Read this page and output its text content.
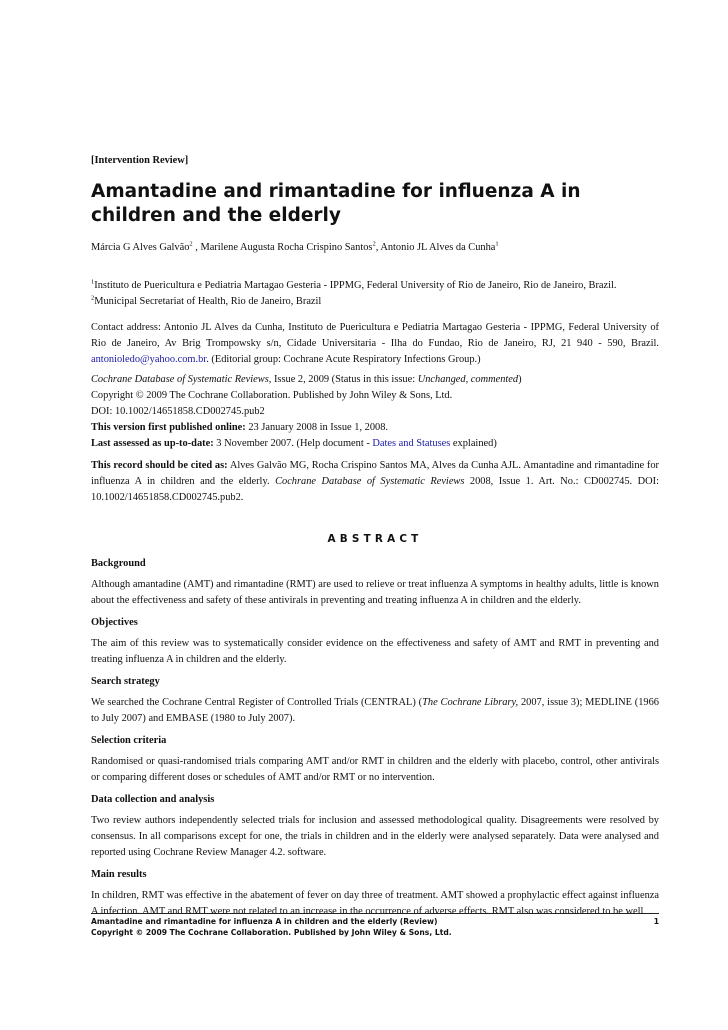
[Intervention Review]
Amantadine and rimantadine for influenza A in children and the elderly

Márcia G Alves Galvão$^2$ , Marilene Augusta Rocha Crispino Santos$^2$, Antonio JL Alves da Cunha$^1$

$^1$Instituto de Puericultura e Pediatria Martagao Gesteria - IPPMG, Federal University of Rio de Janeiro, Rio de Janeiro, Brazil.

$^2$Municipal Secretariat of Health, Rio de Janeiro, Brazil

Contact address: Antonio JL Alves da Cunha, Instituto de Puericultura e Pediatria Martagao Gesteria - IPPMG, Federal University of Rio de Janeiro, Av Brig Trompowsky s/n, Cidade Universitaria - Ilha do Fundao, Rio de Janeiro, RJ, 21 940 - 590, Brazil. antonioledo@yahoo.com.br. (Editorial group: Cochrane Acute Respiratory Infections Group.)

Cochrane Database of Systematic Reviews, Issue 2, 2009 (Status in this issue: Unchanged, commented)

Copyright © 2009 The Cochrane Collaboration. Published by John Wiley & Sons, Ltd.

DOI: 10.1002/14651858.CD002745.pub2

This version first published online: 23 January 2008 in Issue 1, 2008.

Last assessed as up-to-date: 3 November 2007. (Help document - Dates and Statuses explained)

This record should be cited as: Alves Galvão MG, Rocha Crispino Santos MA, Alves da Cunha AJL. Amantadine and rimantadine for influenza A in children and the elderly. Cochrane Database of Systematic Reviews 2008, Issue 1. Art. No.: CD002745. DOI: 10.1002/14651858.CD002745.pub2.

ABSTRACT

Background

Although amantadine (AMT) and rimantadine (RMT) are used to relieve or treat influenza A symptoms in healthy adults, little is known about the effectiveness and safety of these antivirals in preventing and treating influenza A in children and the elderly.

Objectives

The aim of this review was to systematically consider evidence on the effectiveness and safety of AMT and RMT in preventing and treating influenza A in children and the elderly.

Search strategy

We searched the Cochrane Central Register of Controlled Trials (CENTRAL) (The Cochrane Library, 2007, issue 3); MEDLINE (1966 to July 2007) and EMBASE (1980 to July 2007).

Selection criteria

Randomised or quasi-randomised trials comparing AMT and/or RMT in children and the elderly with placebo, control, other antivirals or comparing different doses or schedules of AMT and/or RMT or no intervention.

Data collection and analysis

Two review authors independently selected trials for inclusion and assessed methodological quality. Disagreements were resolved by consensus. In all comparisons except for one, the trials in children and in the elderly were analysed separately. Data were analysed and reported using Cochrane Review Manager 4.2. software.

Main results

In children, RMT was effective in the abatement of fever on day three of treatment. AMT showed a prophylactic effect against influenza A infection. AMT and RMT were not related to an increase in the occurrence of adverse effects. RMT also was considered to be well

Amantadine and rimantadine for influenza A in children and the elderly (Review)	1
Copyright © 2009 The Cochrane Collaboration. Published by John Wiley & Sons, Ltd.
